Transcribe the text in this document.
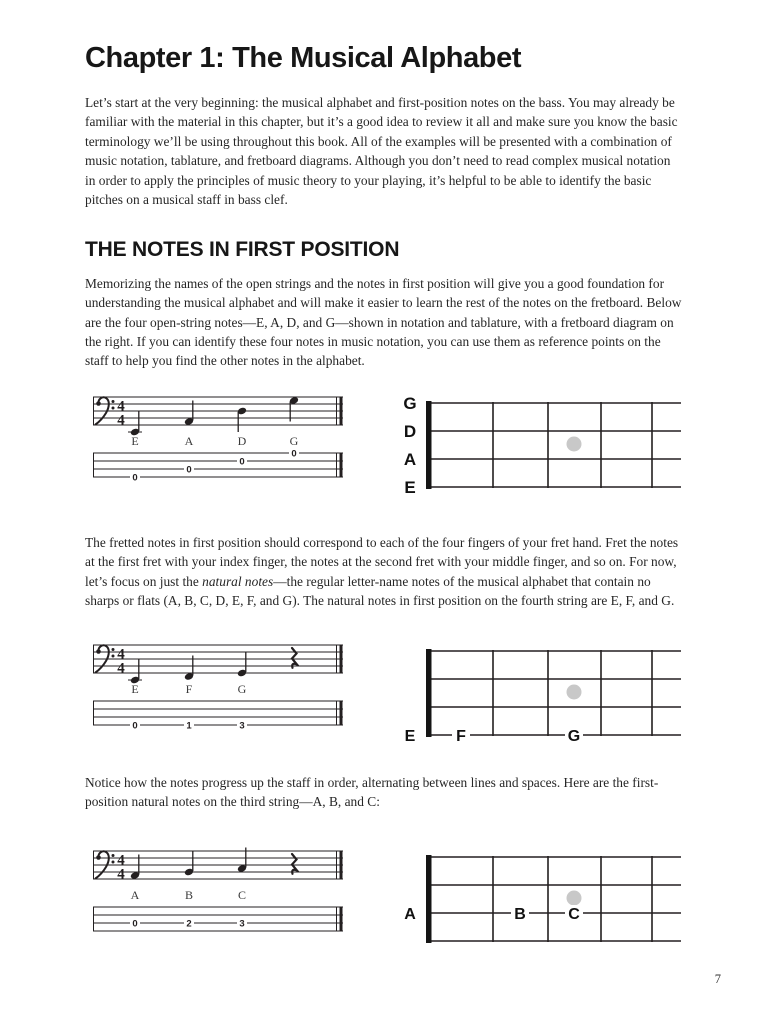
Chapter 1: The Musical Alphabet

Let’s start at the very beginning: the musical alphabet and first-position notes on the bass. You may already be familiar with the material in this chapter, but it’s a good idea to review it all and make sure you know the basic terminology we’ll be using throughout this book. All of the examples will be presented with a combination of music notation, tablature, and fretboard diagrams. Although you don’t need to read complex musical notation in order to apply the principles of music theory to your playing, it’s helpful to be able to identify the basic pitches on a musical staff in bass clef.

THE NOTES IN FIRST POSITION

Memorizing the names of the open strings and the notes in first position will give you a good foundation for understanding the musical alphabet and will make it easier to learn the rest of the notes on the fretboard. Below are the four open-string notes—E, A, D, and G—shown in notation and tablature, with a fretboard diagram on the right. If you can identify these four notes in music notation, you can use them as reference points on the staff to help you find the other notes in the alphabet.

4
4
E	A	D	G
0
0
0
0
G
D
A
E

The fretted notes in first position should correspond to each of the four fingers of your fret hand. Fret the notes at the first fret with your index finger, the notes at the second fret with your middle finger, and so on. For now, let’s focus on just the natural notes—the regular letter-name notes of the musical alphabet that contain no sharps or flats (A, B, C, D, E, F, and G). The natural notes in first position on the fourth string are E, F, and G.

4
4
E	F	G
0	1	3
E	F	G

Notice how the notes progress up the staff in order, alternating between lines and spaces. Here are the first-position natural notes on the third string—A, B, and C:

4
4
A	B	C
0	2	3
A	B	C
7
